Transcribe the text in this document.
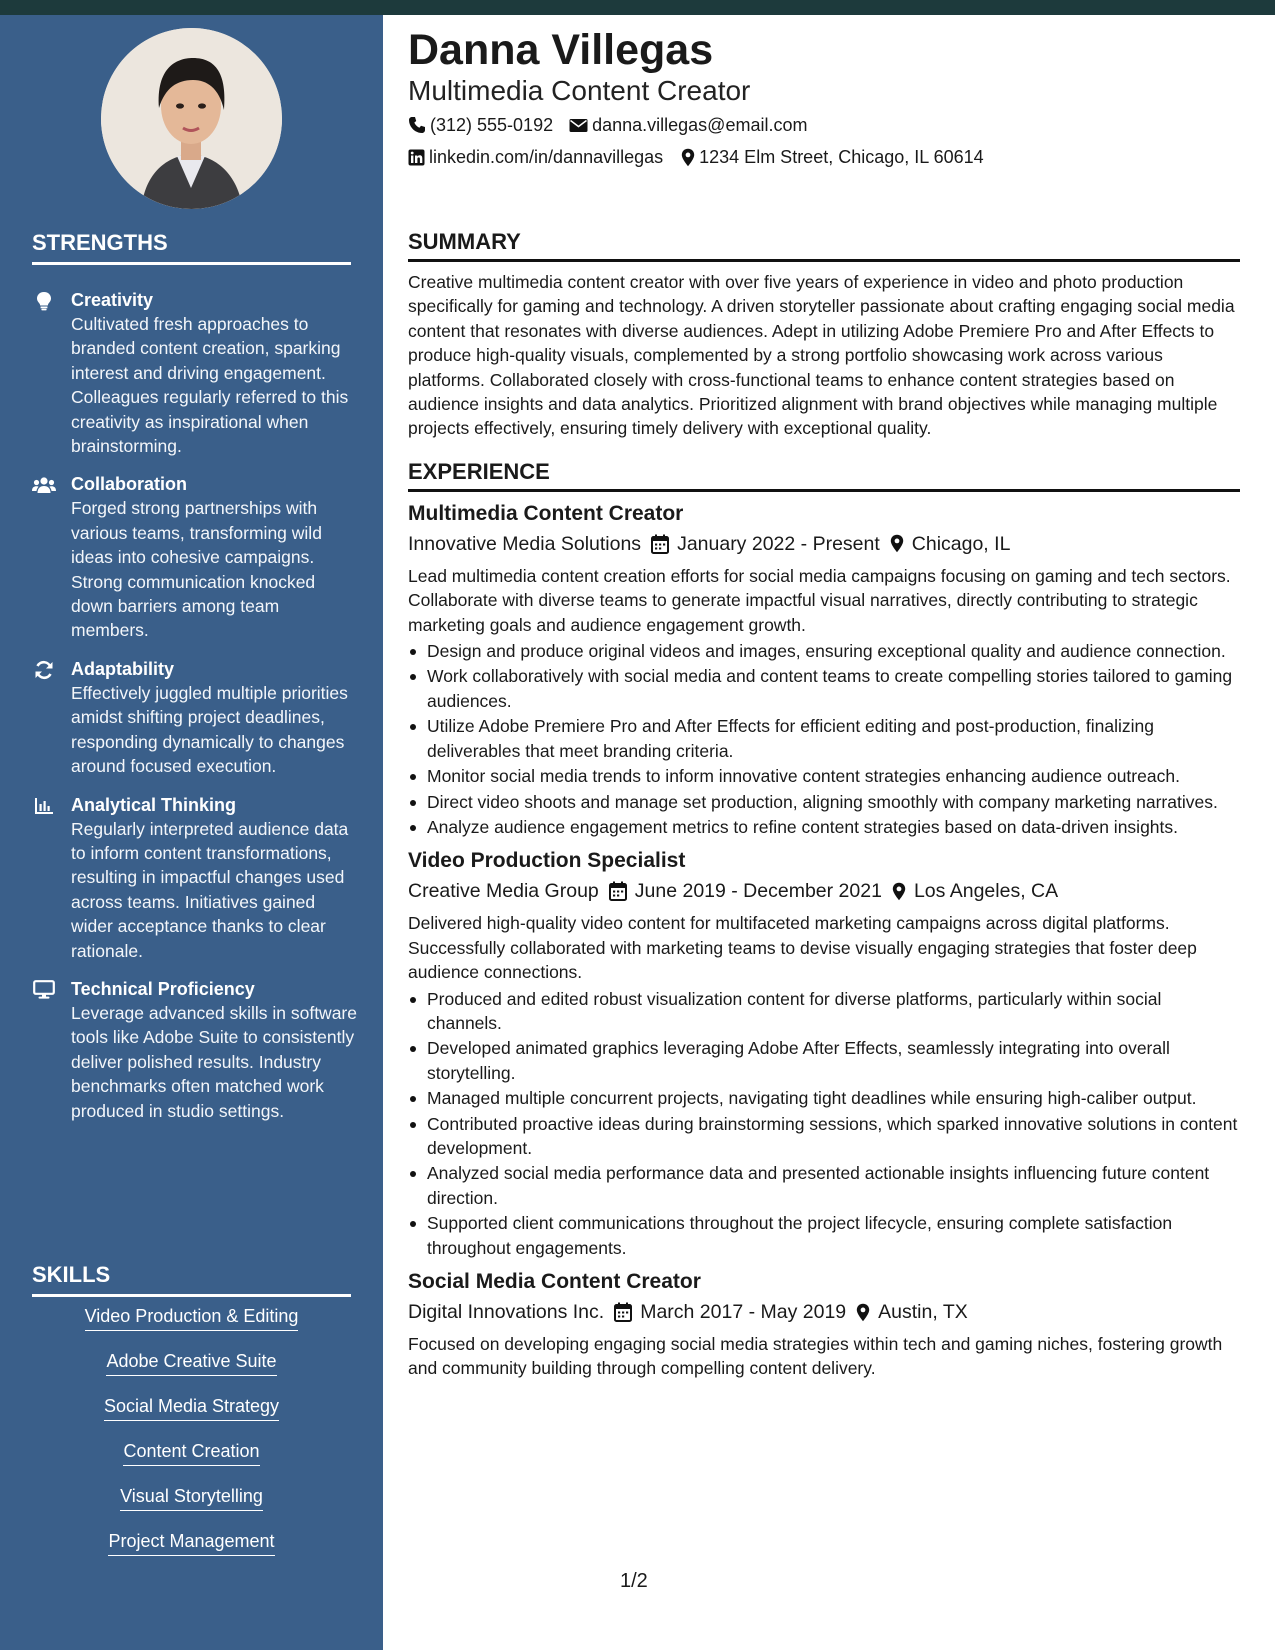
STRENGTHS
Creativity
Cultivated fresh approaches to branded content creation, sparking interest and driving engagement. Colleagues regularly referred to this creativity as inspirational when brainstorming.
Collaboration
Forged strong partnerships with various teams, transforming wild ideas into cohesive campaigns. Strong communication knocked down barriers among team members.
Adaptability
Effectively juggled multiple priorities amidst shifting project deadlines, responding dynamically to changes around focused execution.
Analytical Thinking
Regularly interpreted audience data to inform content transformations, resulting in impactful changes used across teams. Initiatives gained wider acceptance thanks to clear rationale.
Technical Proficiency
Leverage advanced skills in software tools like Adobe Suite to consistently deliver polished results. Industry benchmarks often matched work produced in studio settings.
SKILLS
Video Production & Editing
Adobe Creative Suite
Social Media Strategy
Content Creation
Visual Storytelling
Project Management
Danna Villegas
Multimedia Content Creator
(312) 555-0192 danna.villegas@email.com
linkedin.com/in/dannavillegas 1234 Elm Street, Chicago, IL 60614
SUMMARY
Creative multimedia content creator with over five years of experience in video and photo production specifically for gaming and technology. A driven storyteller passionate about crafting engaging social media content that resonates with diverse audiences. Adept in utilizing Adobe Premiere Pro and After Effects to produce high-quality visuals, complemented by a strong portfolio showcasing work across various platforms. Collaborated closely with cross-functional teams to enhance content strategies based on audience insights and data analytics. Prioritized alignment with brand objectives while managing multiple projects effectively, ensuring timely delivery with exceptional quality.
EXPERIENCE
Multimedia Content Creator
Innovative Media Solutions January 2022 - Present Chicago, IL
Lead multimedia content creation efforts for social media campaigns focusing on gaming and tech sectors. Collaborate with diverse teams to generate impactful visual narratives, directly contributing to strategic marketing goals and audience engagement growth.
Design and produce original videos and images, ensuring exceptional quality and audience connection.
Work collaboratively with social media and content teams to create compelling stories tailored to gaming audiences.
Utilize Adobe Premiere Pro and After Effects for efficient editing and post-production, finalizing deliverables that meet branding criteria.
Monitor social media trends to inform innovative content strategies enhancing audience outreach.
Direct video shoots and manage set production, aligning smoothly with company marketing narratives.
Analyze audience engagement metrics to refine content strategies based on data-driven insights.
Video Production Specialist
Creative Media Group June 2019 - December 2021 Los Angeles, CA
Delivered high-quality video content for multifaceted marketing campaigns across digital platforms. Successfully collaborated with marketing teams to devise visually engaging strategies that foster deep audience connections.
Produced and edited robust visualization content for diverse platforms, particularly within social channels.
Developed animated graphics leveraging Adobe After Effects, seamlessly integrating into overall storytelling.
Managed multiple concurrent projects, navigating tight deadlines while ensuring high-caliber output.
Contributed proactive ideas during brainstorming sessions, which sparked innovative solutions in content development.
Analyzed social media performance data and presented actionable insights influencing future content direction.
Supported client communications throughout the project lifecycle, ensuring complete satisfaction throughout engagements.
Social Media Content Creator
Digital Innovations Inc. March 2017 - May 2019 Austin, TX
Focused on developing engaging social media strategies within tech and gaming niches, fostering growth and community building through compelling content delivery.
1/2
